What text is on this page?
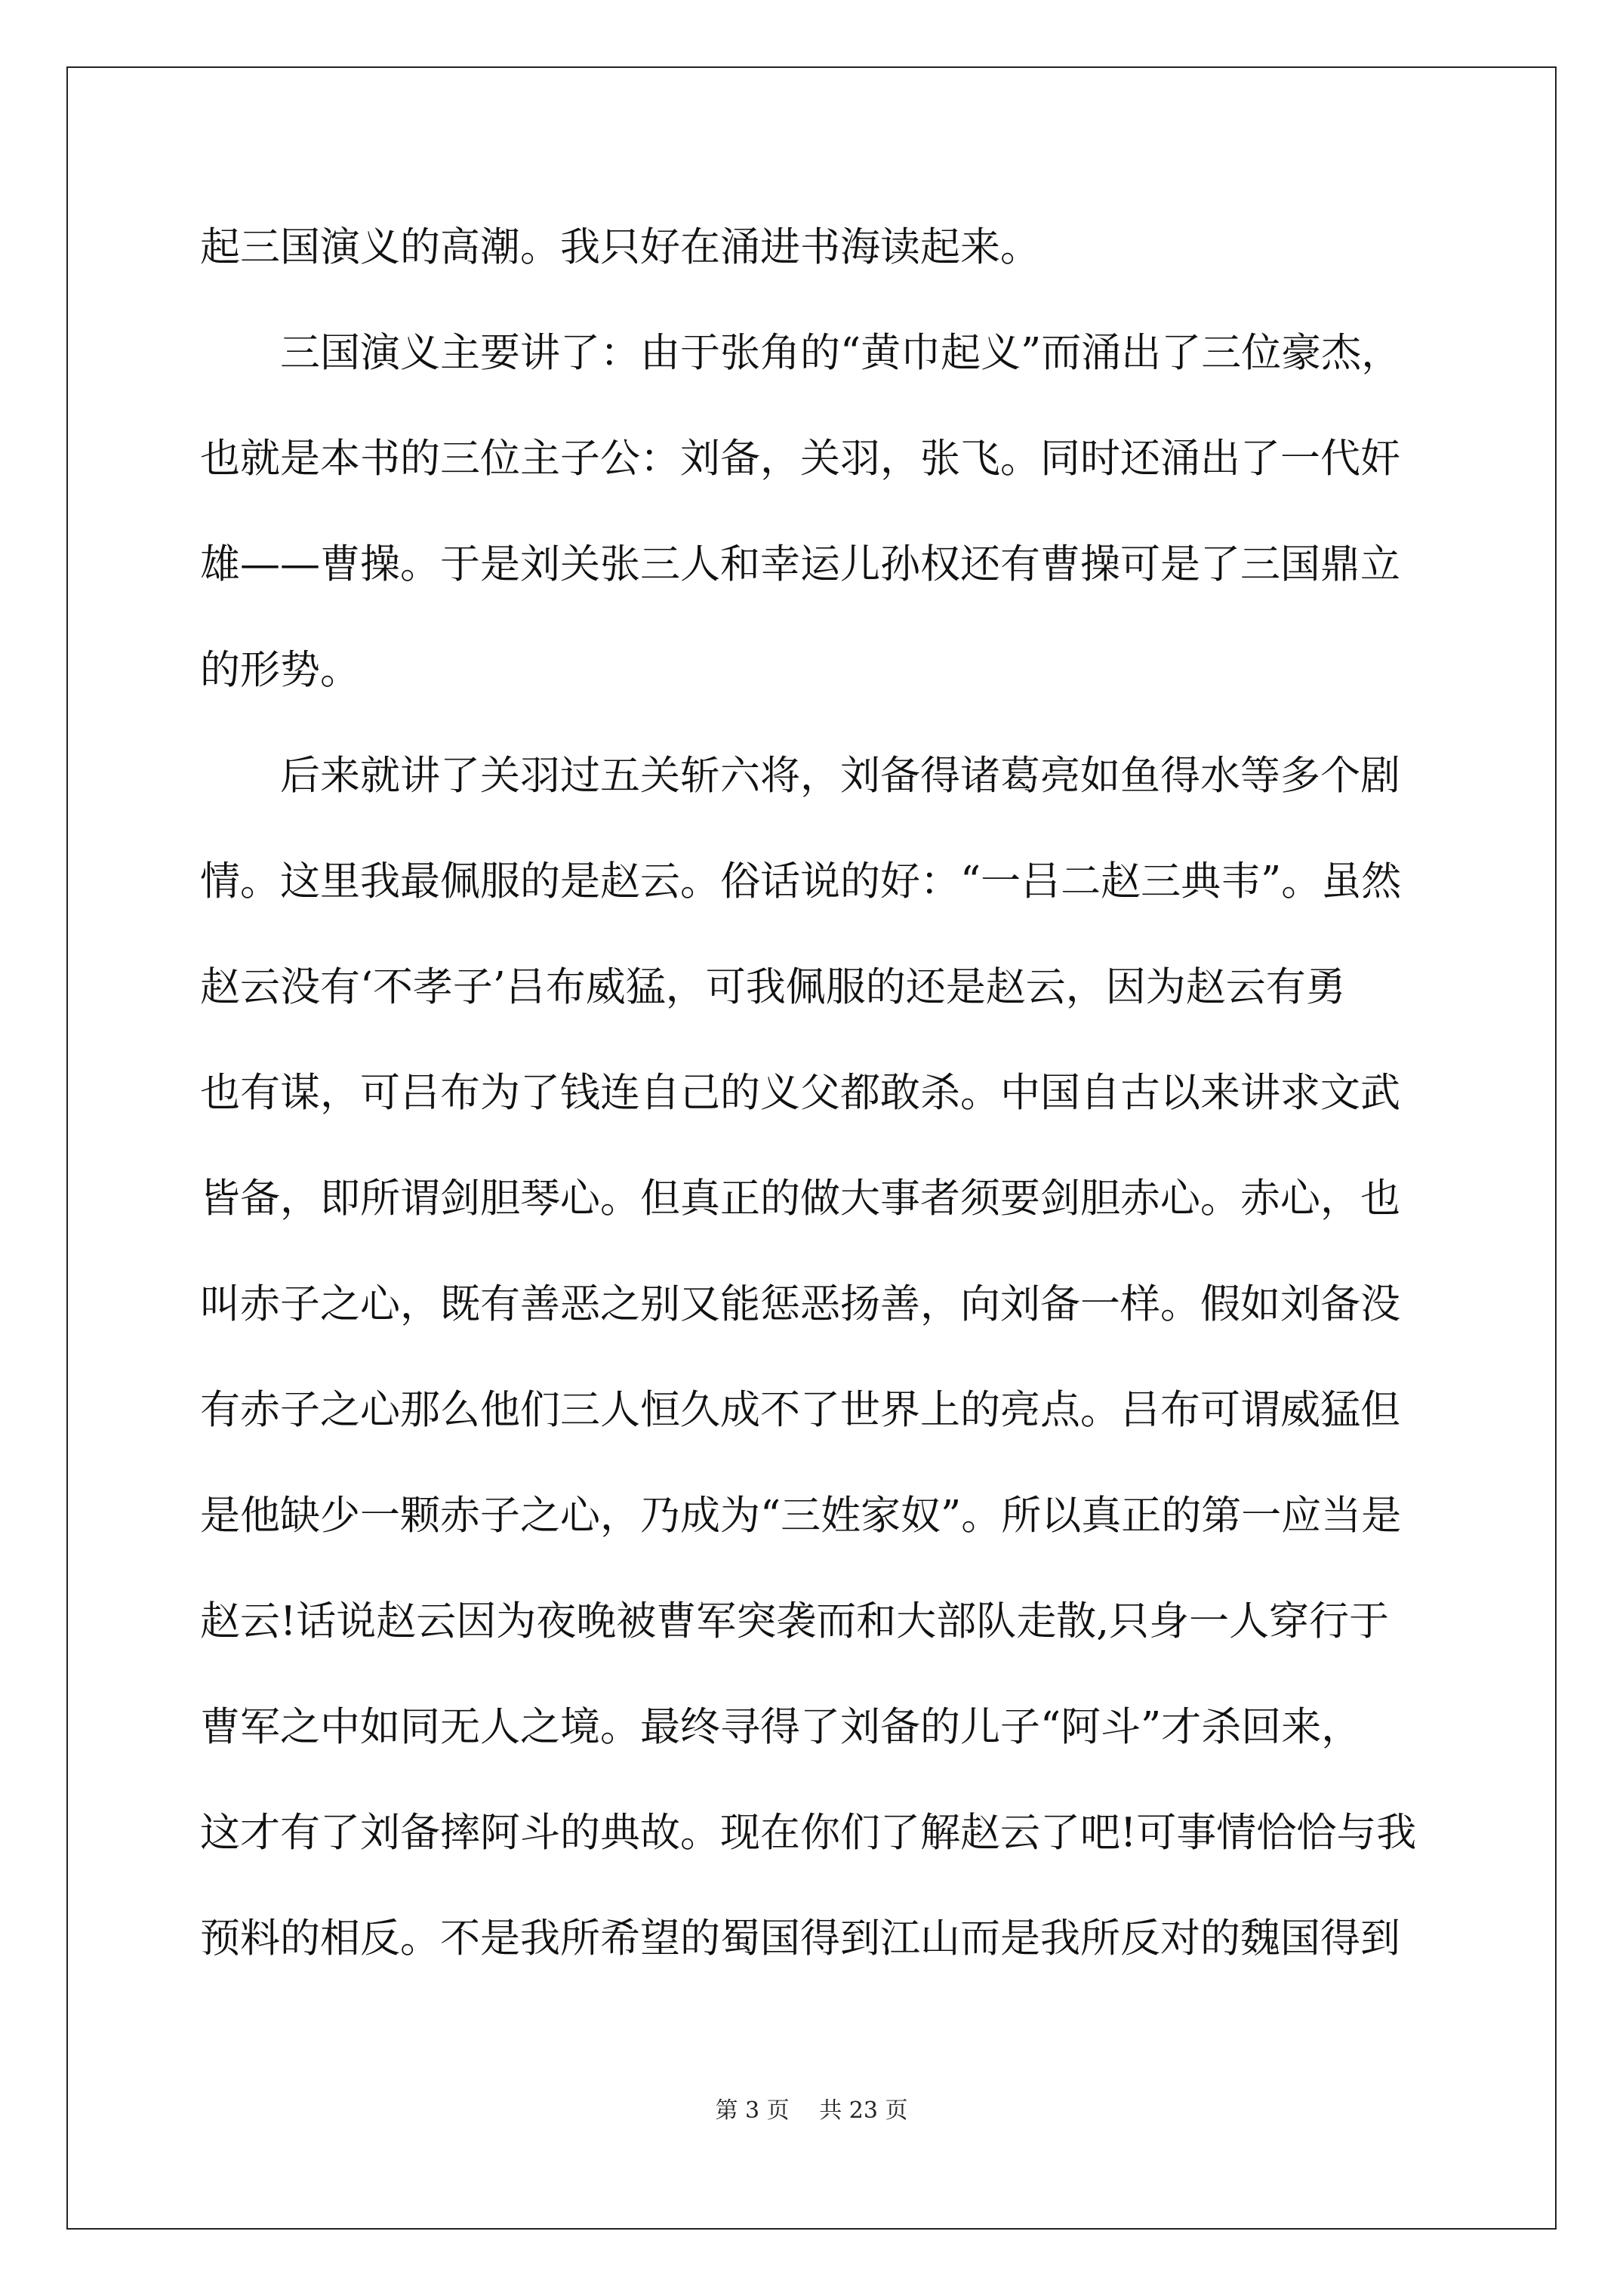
起三国演义的高潮。我只好在涌进书海读起来。
　　三国演义主要讲了：由于张角的“黄巾起义”而涌出了三位豪杰，
也就是本书的三位主子公：刘备，关羽，张飞。同时还涌出了一代奸
雄——曹操。于是刘关张三人和幸运儿孙权还有曹操可是了三国鼎立
的形势。
　　后来就讲了关羽过五关斩六将，刘备得诸葛亮如鱼得水等多个剧
情。这里我最佩服的是赵云。俗话说的好：“一吕二赵三典韦”。虽然
赵云没有‘不孝子’吕布威猛，可我佩服的还是赵云，因为赵云有勇
也有谋，可吕布为了钱连自己的义父都敢杀。中国自古以来讲求文武
皆备，即所谓剑胆琴心。但真正的做大事者须要剑胆赤心。赤心，也
叫赤子之心，既有善恶之别又能惩恶扬善，向刘备一样。假如刘备没
有赤子之心那么他们三人恒久成不了世界上的亮点。吕布可谓威猛但
是他缺少一颗赤子之心，乃成为“三姓家奴”。所以真正的第一应当是
赵云!话说赵云因为夜晚被曹军突袭而和大部队走散,只身一人穿行于
曹军之中如同无人之境。最终寻得了刘备的儿子“阿斗”才杀回来，
这才有了刘备摔阿斗的典故。现在你们了解赵云了吧!可事情恰恰与我
预料的相反。不是我所希望的蜀国得到江山而是我所反对的魏国得到
第 3 页　 共 23 页
